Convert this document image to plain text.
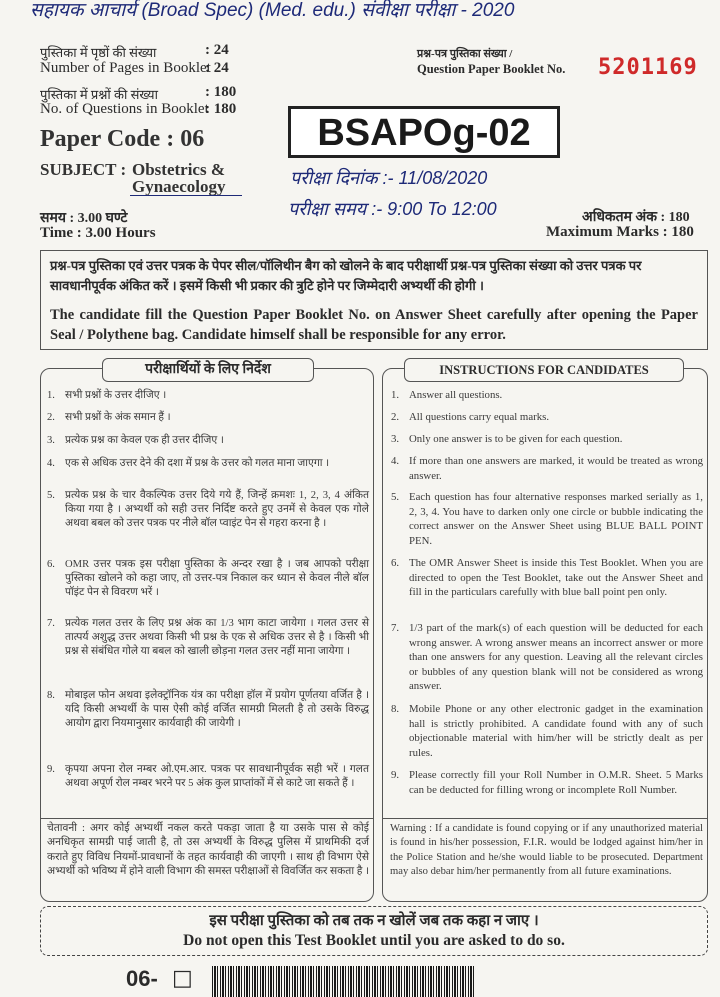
सहायक आचार्य (Broad Spec) (Med. edu.) संवीक्षा परीक्षा - 2020
पुस्तिका में पृष्ठों की संख्या	: 24
Number of Pages in Booklet
: 24
पुस्तिका में प्रश्नों की संख्या	: 180
No. of Questions in Booklet
: 180
प्रश्न-पत्र पुस्तिका संख्या /
Question Paper Booklet No. 5201169
Paper Code : 06	BSAPOg-02
SUBJECT : Obstetrics &
Gynaecology	परीक्षा दिनांक :- 11/08/2020
परीक्षा समय :- 9:00 To 12:00
समय : 3.00 घण्टे
Time : 3.00 Hours
अधिकतम अंक : 180
Maximum Marks : 180
प्रश्न-पत्र पुस्तिका एवं उत्तर पत्रक के पेपर सील/पॉलिथीन बैग को खोलने के बाद परीक्षार्थी प्रश्न-पत्र पुस्तिका संख्या को उत्तर पत्रक पर सावधानीपूर्वक अंकित करें । इसमें किसी भी प्रकार की त्रुटि होने पर जिम्मेदारी अभ्यर्थी की होगी ।
The candidate fill the Question Paper Booklet No. on Answer Sheet carefully after opening the Paper Seal / Polythene bag. Candidate himself shall be responsible for any error.
परीक्षार्थियों के लिए निर्देश
1. सभी प्रश्नों के उत्तर दीजिए ।
2. सभी प्रश्नों के अंक समान हैं ।
3. प्रत्येक प्रश्न का केवल एक ही उत्तर दीजिए ।
4. एक से अधिक उत्तर देने की दशा में प्रश्न के उत्तर को गलत माना जाएगा ।
5. प्रत्येक प्रश्न के चार वैकल्पिक उत्तर दिये गये हैं, जिन्हें क्रमशः 1, 2, 3, 4 अंकित किया गया है । अभ्यर्थी को सही उत्तर निर्दिष्ट करते हुए उनमें से केवल एक गोले अथवा बबल को उत्तर पत्रक पर नीले बॉल प्वाइंट पेन से गहरा करना है ।
6. OMR उत्तर पत्रक इस परीक्षा पुस्तिका के अन्दर रखा है । जब आपको परीक्षा पुस्तिका खोलने को कहा जाए, तो उत्तर-पत्र निकाल कर ध्यान से केवल नीले बॉल पॉइंट पेन से विवरण भरें ।
7. प्रत्येक गलत उत्तर के लिए प्रश्न अंक का 1/3 भाग काटा जायेगा । गलत उत्तर से तात्पर्य अशुद्ध उत्तर अथवा किसी भी प्रश्न के एक से अधिक उत्तर से है । किसी भी प्रश्न से संबंधित गोले या बबल को खाली छोड़ना गलत उत्तर नहीं माना जायेगा ।
8. मोबाइल फोन अथवा इलेक्ट्रॉनिक यंत्र का परीक्षा हॉल में प्रयोग पूर्णतया वर्जित है । यदि किसी अभ्यर्थी के पास ऐसी कोई वर्जित सामग्री मिलती है तो उसके विरुद्ध आयोग द्वारा नियमानुसार कार्यवाही की जायेगी ।
9. कृपया अपना रोल नम्बर ओ.एम.आर. पत्रक पर सावधानीपूर्वक सही भरें । गलत अथवा अपूर्ण रोल नम्बर भरने पर 5 अंक कुल प्राप्तांकों में से काटे जा सकते हैं ।
चेतावनी : अगर कोई अभ्यर्थी नकल करते पकड़ा जाता है या उसके पास से कोई अनधिकृत सामग्री पाई जाती है, तो उस अभ्यर्थी के विरुद्ध पुलिस में प्राथमिकी दर्ज कराते हुए विविध नियमों-प्रावधानों के तहत कार्यवाही की जाएगी । साथ ही विभाग ऐसे अभ्यर्थी को भविष्य में होने वाली विभाग की समस्त परीक्षाओं से विवर्जित कर सकता है ।
INSTRUCTIONS FOR CANDIDATES
1. Answer all questions.
2. All questions carry equal marks.
3. Only one answer is to be given for each question.
4. If more than one answers are marked, it would be treated as wrong answer.
5. Each question has four alternative responses marked serially as 1, 2, 3, 4. You have to darken only one circle or bubble indicating the correct answer on the Answer Sheet using BLUE BALL POINT PEN.
6. The OMR Answer Sheet is inside this Test Booklet. When you are directed to open the Test Booklet, take out the Answer Sheet and fill in the particulars carefully with blue ball point pen only.
7. 1/3 part of the mark(s) of each question will be deducted for each wrong answer. A wrong answer means an incorrect answer or more than one answers for any question. Leaving all the relevant circles or bubbles of any question blank will not be considered as wrong answer.
8. Mobile Phone or any other electronic gadget in the examination hall is strictly prohibited. A candidate found with any of such objectionable material with him/her will be strictly dealt as per rules.
9. Please correctly fill your Roll Number in O.M.R. Sheet. 5 Marks can be deducted for filling wrong or incomplete Roll Number.
Warning : If a candidate is found copying or if any unauthorized material is found in his/her possession, F.I.R. would be lodged against him/her in the Police Station and he/she would liable to be prosecuted. Department may also debar him/her permanently from all future examinations.
इस परीक्षा पुस्तिका को तब तक न खोलें जब तक कहा न जाए ।
Do not open this Test Booklet until you are asked to do so.
06- □
